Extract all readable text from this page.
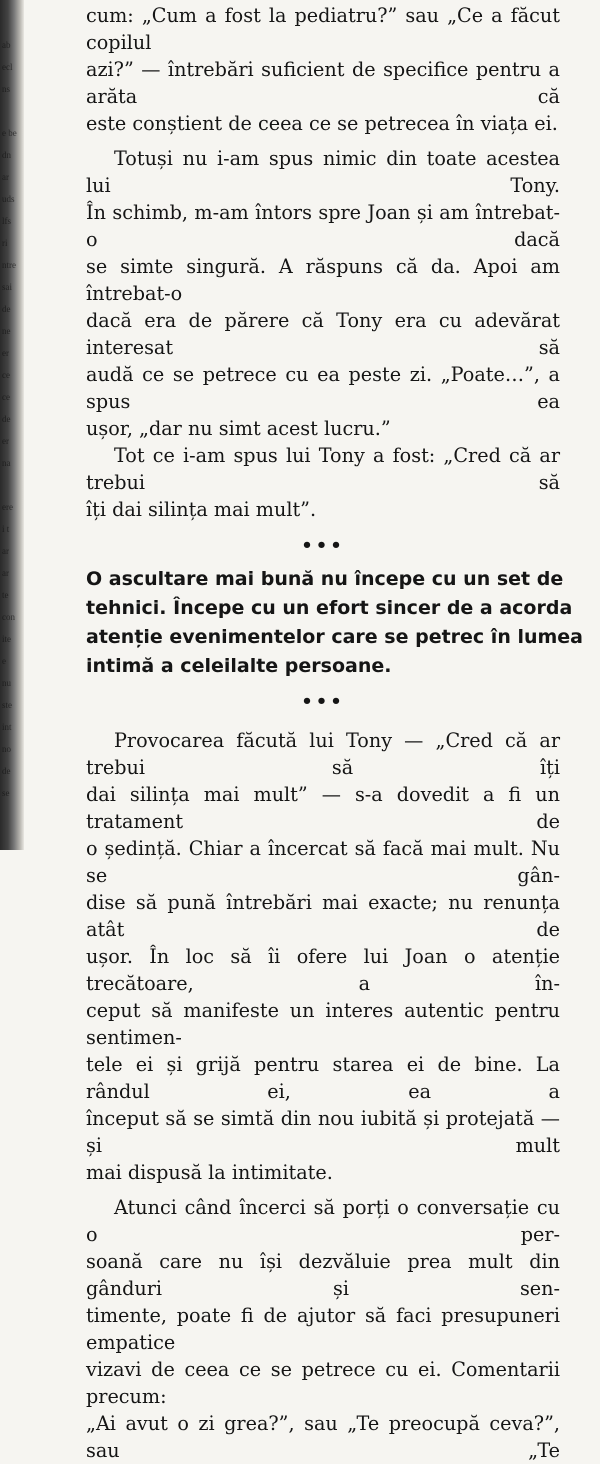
ab
ecl
ns
e be
dn
ar
uds
lfs
ri
ntre
sai
de
ne
er
ce
ce
de
er
na
ere
i t
ar
ar
te
con
ite
e
nu
ste
int
no
de
se
cum: „Cum a fost la pediatru?” sau „Ce a făcut copilul
azi?” — întrebări suficient de specifice pentru a arăta că
este conștient de ceea ce se petrecea în viața ei.
Totuși nu i-am spus nimic din toate acestea lui Tony.
În schimb, m-am întors spre Joan și am întrebat-o dacă
se simte singură. A răspuns că da. Apoi am întrebat-o
dacă era de părere că Tony era cu adevărat interesat să
audă ce se petrece cu ea peste zi. „Poate…”, a spus ea
ușor, „dar nu simt acest lucru.”
Tot ce i-am spus lui Tony a fost: „Cred că ar trebui să
îți dai silința mai mult”.
•••
O ascultare mai bună nu începe cu un set de
tehnici. Începe cu un efort sincer de a acorda
atenție evenimentelor care se petrec în lumea
intimă a celeilalte persoane.
•••
Provocarea făcută lui Tony — „Cred că ar trebui să îți
dai silința mai mult” — s-a dovedit a fi un tratament de
o ședință. Chiar a încercat să facă mai mult. Nu se gân-
dise să pună întrebări mai exacte; nu renunța atât de
ușor. În loc să îi ofere lui Joan o atenție trecătoare, a în-
ceput să manifeste un interes autentic pentru sentimen-
tele ei și grijă pentru starea ei de bine. La rândul ei, ea a
început să se simtă din nou iubită și protejată — și mult
mai dispusă la intimitate.
Atunci când încerci să porți o conversație cu o per-
soană care nu își dezvăluie prea mult din gânduri și sen-
timente, poate fi de ajutor să faci presupuneri empatice
vizavi de ceea ce se petrece cu ei. Comentarii precum:
„Ai avut o zi grea?”, sau „Te preocupă ceva?”, sau „Te
